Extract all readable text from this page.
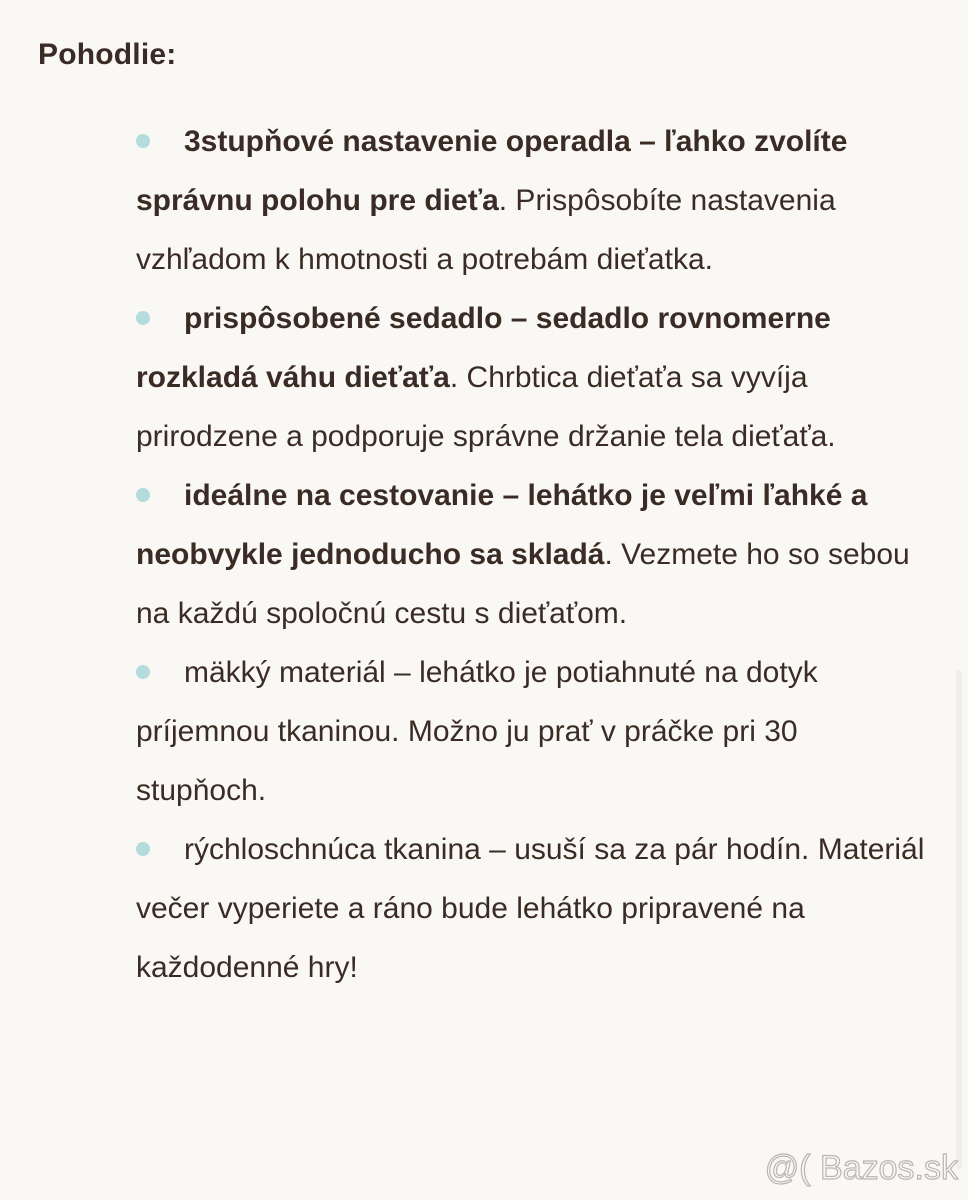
Pohodlie:
3stupňové nastavenie operadla – ľahko zvolíte správnu polohu pre dieťa. Prispôsobíte nastavenia vzhľadom k hmotnosti a potrebám dieťatka.
prispôsobené sedadlo – sedadlo rovnomerne rozkladá váhu dieťaťa. Chrbtica dieťaťa sa vyvíja prirodzene a podporuje správne držanie tela dieťaťa.
ideálne na cestovanie – lehátko je veľmi ľahké a neobvykle jednoducho sa skladá. Vezmete ho so sebou na každú spoločnú cestu s dieťaťom.
mäkký materiál – lehátko je potiahnuté na dotyk príjemnou tkaninou. Možno ju prať v práčke pri 30 stupňoch.
rýchloschnúca tkanina – usuší sa za pár hodín. Materiál večer vyperiete a ráno bude lehátko pripravené na každodenné hry!
@( Bazos.sk
